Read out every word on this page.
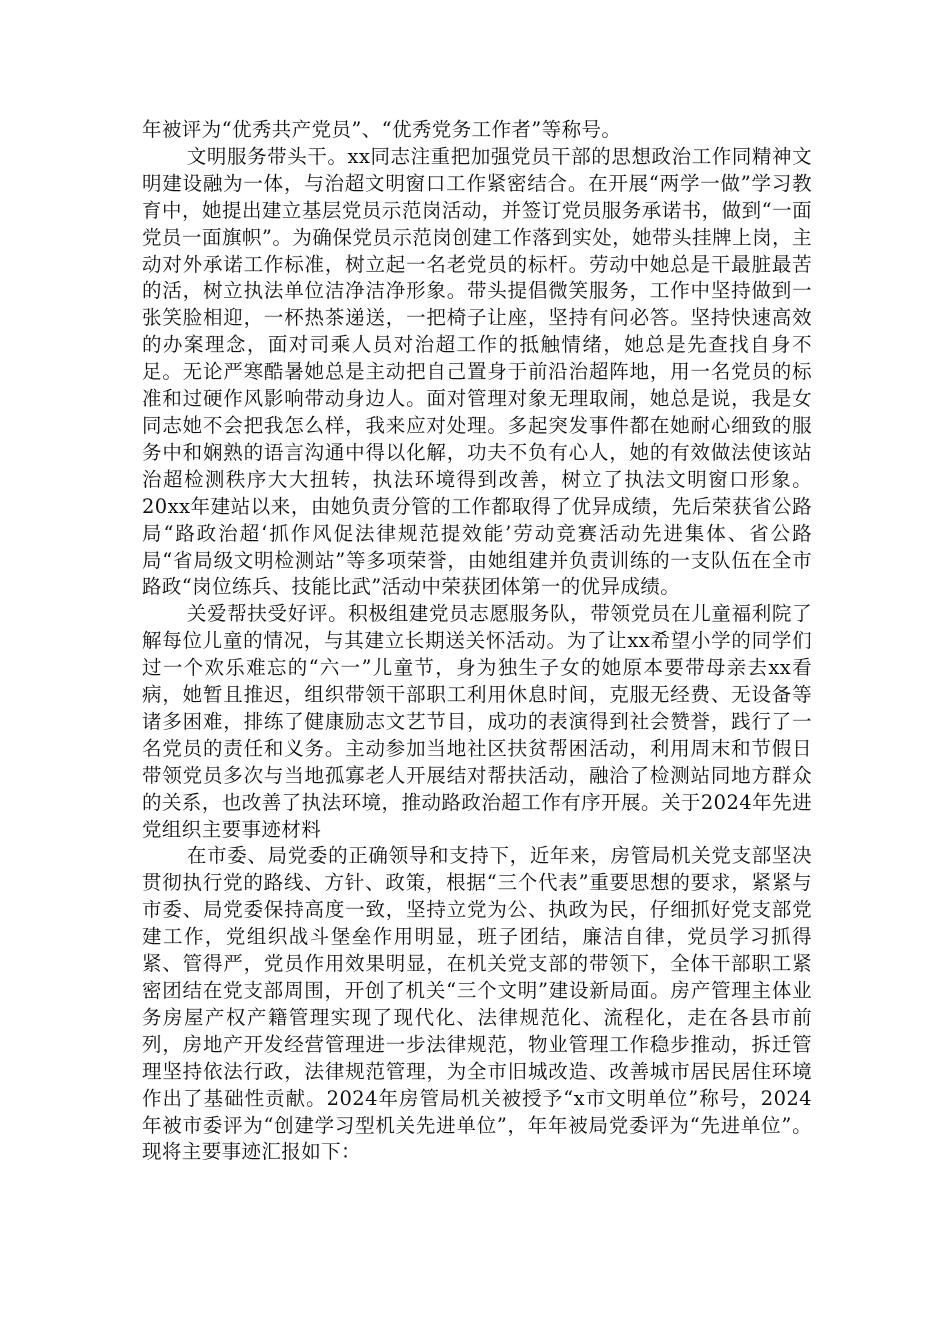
年被评为“优秀共产党员”、“优秀党务工作者”等称号。

文明服务带头干。xx同志注重把加强党员干部的思想政治工作同精神文明建设融为一体，与治超文明窗口工作紧密结合。在开展“两学一做”学习教育中，她提出建立基层党员示范岗活动，并签订党员服务承诺书，做到“一面党员一面旗帜”。为确保党员示范岗创建工作落到实处，她带头挂牌上岗，主动对外承诺工作标准，树立起一名老党员的标杆。劳动中她总是干最脏最苦的活，树立执法单位洁净洁净形象。带头提倡微笑服务，工作中坚持做到一张笑脸相迎，一杯热茶递送，一把椅子让座，坚持有问必答。坚持快速高效的办案理念，面对司乘人员对治超工作的抵触情绪，她总是先查找自身不足。无论严寒酷暑她总是主动把自己置身于前沿治超阵地，用一名党员的标准和过硬作风影响带动身边人。面对管理对象无理取闹，她总是说，我是女同志她不会把我怎么样，我来应对处理。多起突发事件都在她耐心细致的服务中和娴熟的语言沟通中得以化解，功夫不负有心人，她的有效做法使该站治超检测秩序大大扭转，执法环境得到改善，树立了执法文明窗口形象。20xx年建站以来，由她负责分管的工作都取得了优异成绩，先后荣获省公路局“路政治超‘抓作风促法律规范提效能’劳动竞赛活动先进集体、省公路局“省局级文明检测站”等多项荣誉，由她组建并负责训练的一支队伍在全市路政“岗位练兵、技能比武”活动中荣获团体第一的优异成绩。

关爱帮扶受好评。积极组建党员志愿服务队，带领党员在儿童福利院了解每位儿童的情况，与其建立长期送关怀活动。为了让xx希望小学的同学们过一个欢乐难忘的“六一”儿童节，身为独生子女的她原本要带母亲去xx看病，她暂且推迟，组织带领干部职工利用休息时间，克服无经费、无设备等诸多困难，排练了健康励志文艺节目，成功的表演得到社会赞誉，践行了一名党员的责任和义务。主动参加当地社区扶贫帮困活动，利用周末和节假日带领党员多次与当地孤寡老人开展结对帮扶活动，融洽了检测站同地方群众的关系，也改善了执法环境，推动路政治超工作有序开展。关于2024年先进党组织主要事迹材料

在市委、局党委的正确领导和支持下，近年来，房管局机关党支部坚决贯彻执行党的路线、方针、政策，根据“三个代表”重要思想的要求，紧紧与市委、局党委保持高度一致，坚持立党为公、执政为民，仔细抓好党支部党建工作，党组织战斗堡垒作用明显，班子团结，廉洁自律，党员学习抓得紧、管得严，党员作用效果明显，在机关党支部的带领下，全体干部职工紧密团结在党支部周围，开创了机关“三个文明”建设新局面。房产管理主体业务房屋产权产籍管理实现了现代化、法律规范化、流程化，走在各县市前列，房地产开发经营管理进一步法律规范，物业管理工作稳步推动，拆迁管理坚持依法行政，法律规范管理，为全市旧城改造、改善城市居民居住环境作出了基础性贡献。2024年房管局机关被授予“x市文明单位”称号，2024年被市委评为“创建学习型机关先进单位”，年年被局党委评为“先进单位”。现将主要事迹汇报如下：
